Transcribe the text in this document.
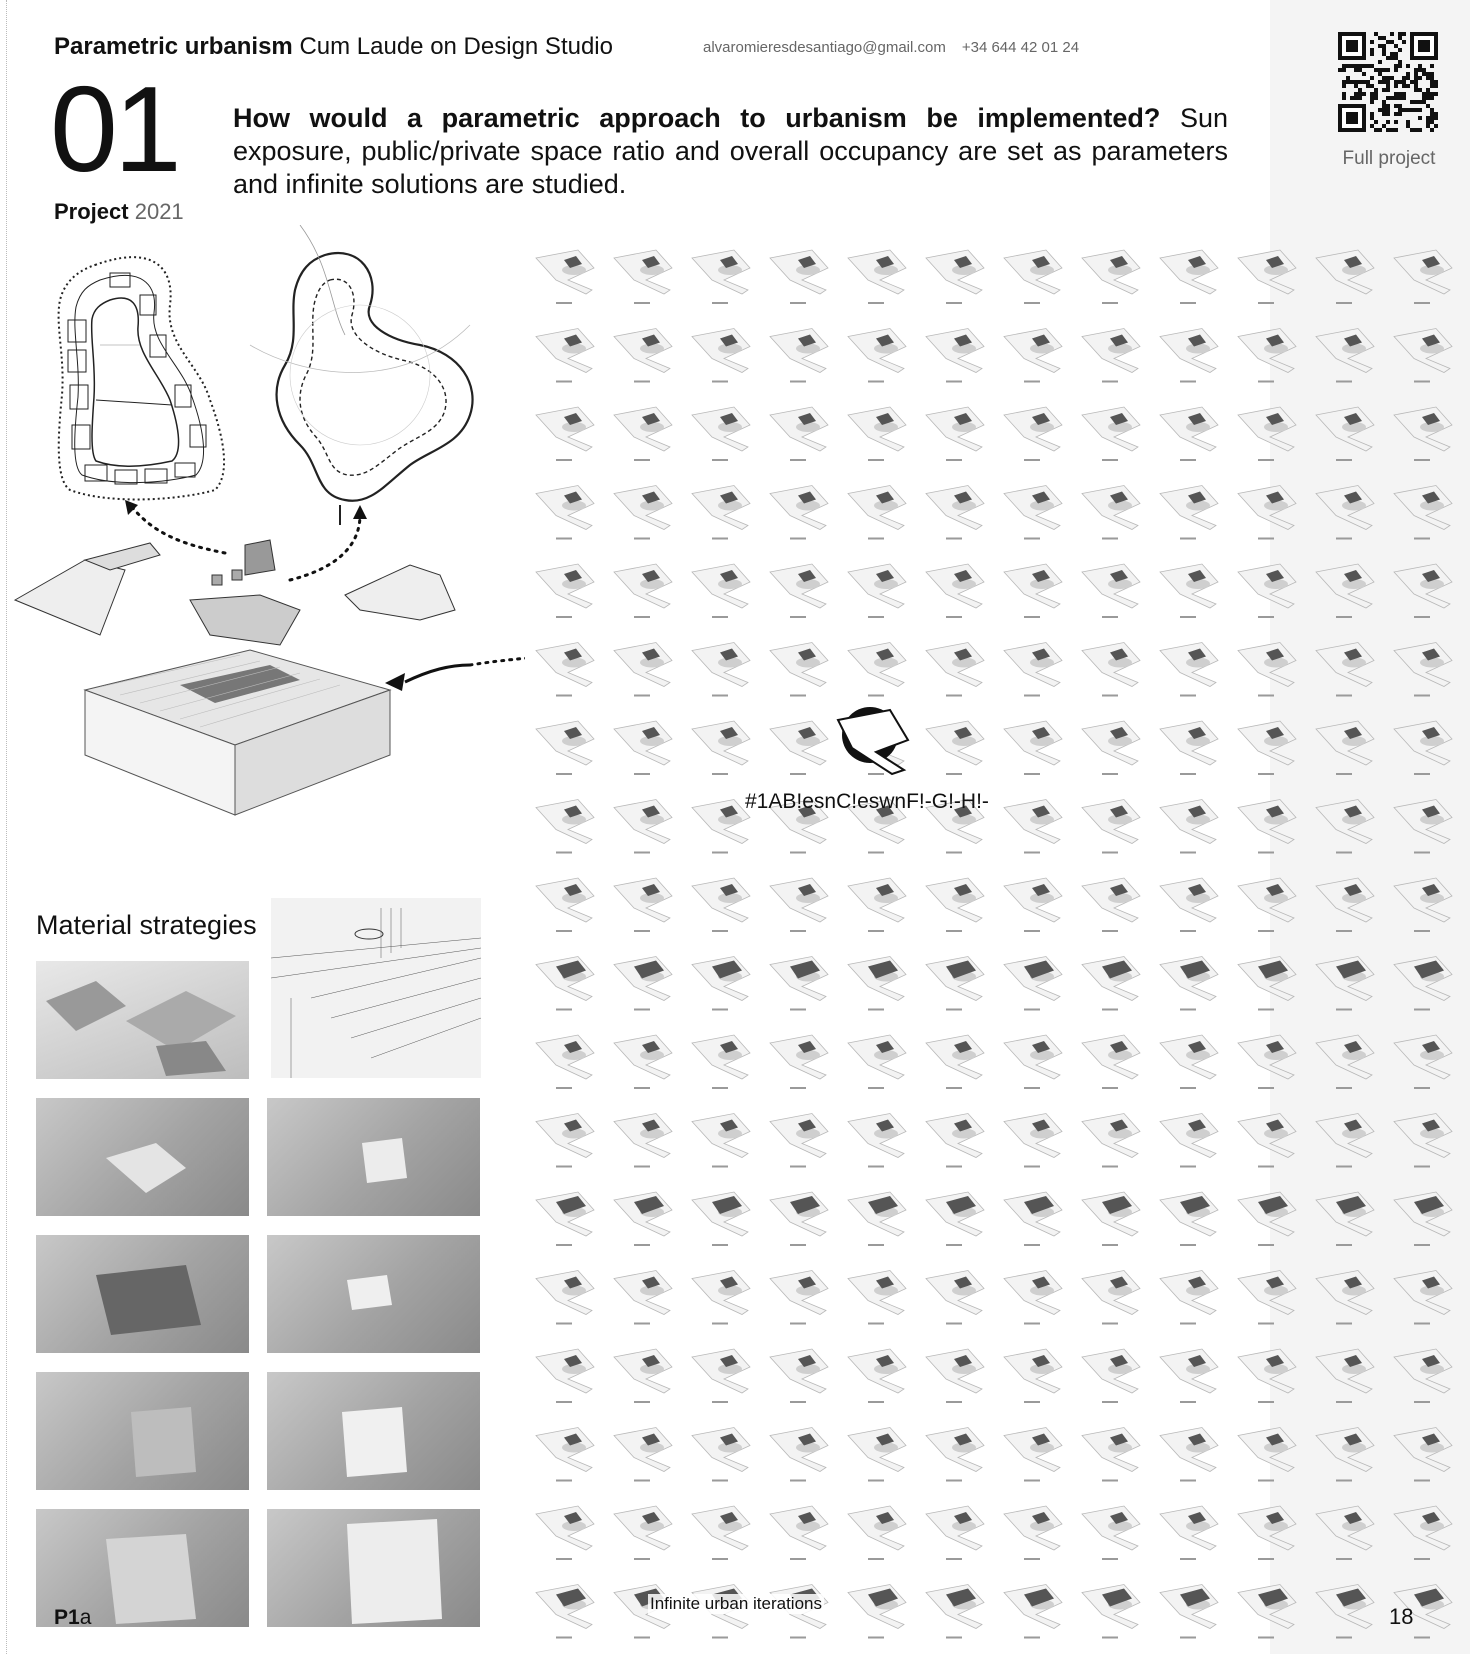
Parametric urbanism Cum Laude on Design Studio	alvaromieresdesantiago@gmail.com +34 644 42 01 24
01
Project 2021
How would a parametric approach to urbanism be implemented? Sun exposure, public/private space ratio and overall occupancy are set as parameters and infinite solutions are studied.
Full project
Material strategies
#1AB!esnC!eswnF!-G!-H!-
P1a
Infinite urban iterations
18
